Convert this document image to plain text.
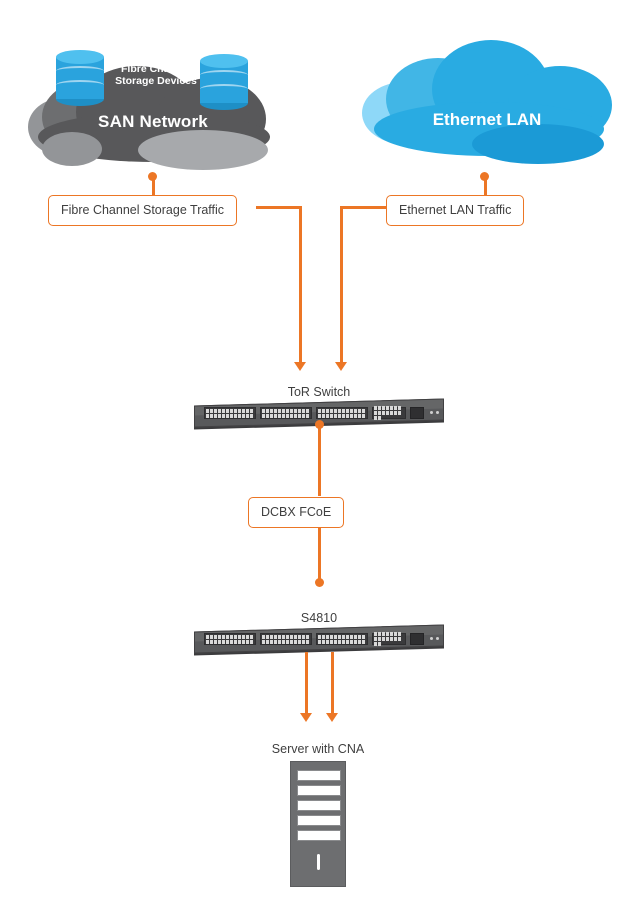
Target
Fibre Channel
Storage Devices
SAN Network	Ethernet LAN
Fibre Channel Storage Traffic	Ethernet LAN Traffic
ToR Switch
DCBX FCoE
S4810
Server with CNA
